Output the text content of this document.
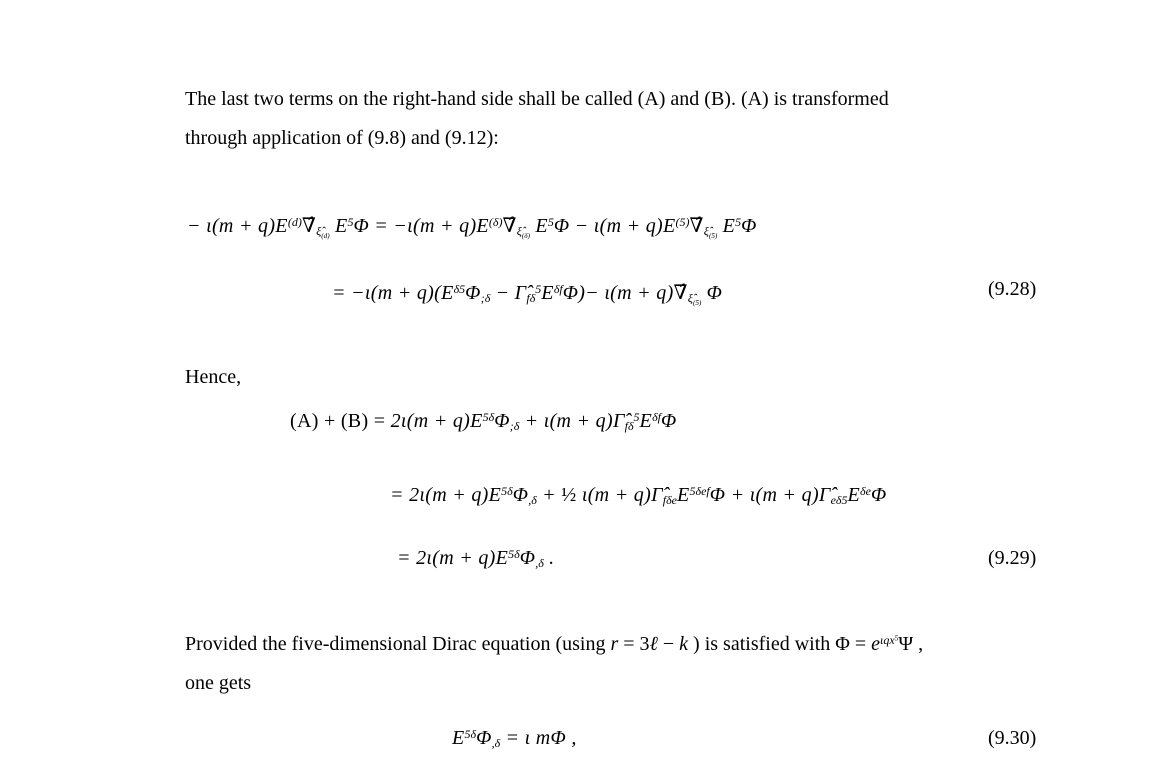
The last two terms on the right-hand side shall be called (A) and (B). (A) is transformed
through application of (9.8) and (9.12):
− $\iota(m + q)E^{(d)}\nablâ_{\xî_{(d)}}$ $E^5\Phi = -\iota(m$ + $q)E^{(\delta)}\nablâ_{\xî_{(\delta)}}$ $E^5\Phi - \iota(m$ + $q)E^{(5)}\nablâ_{\xî_{(5)}}$ $E^5\Phi$
= $-\iota(m + q)(E^{\delta 5}\Phi_{;\delta}$ − $\Gammâ_{f\delta}^5E^{\delta f}\Phi)- \iota(m$ + $q)\nablâ_{\xî_{(5)}}$ Φ	(9.28)
Hence,
$(A) + (B) = 2\iota(m + q)E^{5\delta}\Phi_{;\delta} + \iota(m$ + $q)\Gammâ_{f\delta}^5E^{\delta f}\Phi$
= $2\iota(m + q)E^{5\delta}\Phi_{,\delta}$ + ½ $\iota(m + q)\Gammâ_{f\delta e}E^{5\delta ef}\Phi + \iota(m$ + $q)\Gammâ_{e\delta 5}E^{\delta e}\Phi$
= $2\iota(m + q)E^{5\delta}\Phi_{,\delta}$ .	(9.29)
Provided the five-dimensional Dirac equation (using r = 3ℓ − k ) is satisfied with $\Phi = e^{\iota qx^5}\Psi$ ,
one gets
$E^{5\delta}\Phi_{,\delta} = \iota$ mΦ ,	(9.30)
